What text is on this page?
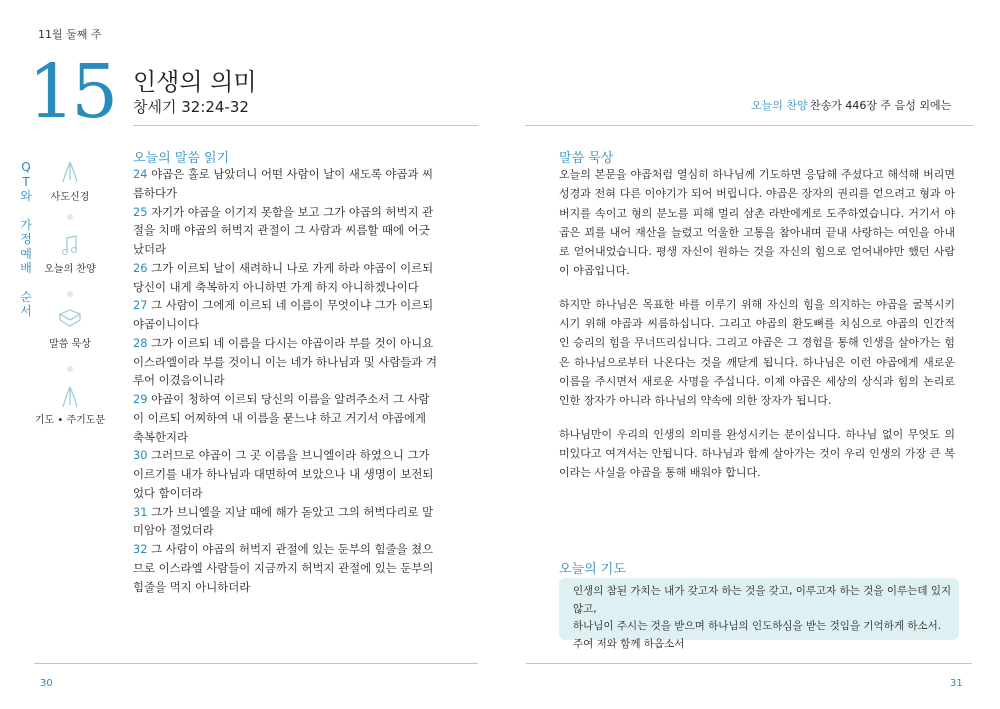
11월 둘째 주
15 인생의 의미
창세기 32:24-32	오늘의 찬양 찬송가 446장 주 음성 외에는
Q
T
와
가
정
예
배
순
서
사도신경
오늘의 찬양
말씀 묵상
기도 • 주기도문
오늘의 말씀 읽기
24 야곱은 홀로 남았더니 어떤 사람이 날이 새도록 야곱과 씨름하다가
25 자기가 야곱을 이기지 못함을 보고 그가 야곱의 허벅지 관절을 치매 야곱의 허벅지 관절이 그 사람과 씨름할 때에 어긋났더라
26 그가 이르되 날이 새려하니 나로 가게 하라 야곱이 이르되 당신이 내게 축복하지 아니하면 가게 하지 아니하겠나이다
27 그 사람이 그에게 이르되 네 이름이 무엇이냐 그가 이르되 야곱이니이다
28 그가 이르되 네 이름을 다시는 야곱이라 부를 것이 아니요 이스라엘이라 부를 것이니 이는 네가 하나님과 및 사람들과 겨루어 이겼음이니라
29 야곱이 청하여 이르되 당신의 이름을 알려주소서 그 사람이 이르되 어찌하여 내 이름을 묻느냐 하고 거기서 야곱에게 축복한지라
30 그러므로 야곱이 그 곳 이름을 브니엘이라 하였으니 그가 이르기를 내가 하나님과 대면하여 보았으나 내 생명이 보전되었다 함이더라
31 그가 브니엘을 지날 때에 해가 돋았고 그의 허벅다리로 말미암아 절었더라
32 그 사람이 야곱의 허벅지 관절에 있는 둔부의 힘줄을 쳤으므로 이스라엘 사람들이 지금까지 허벅지 관절에 있는 둔부의 힘줄을 먹지 아니하더라
말씀 묵상

오늘의 본문을 야곱처럼 열심히 하나님께 기도하면 응답해 주셨다고 해석해 버리면 성경과 전혀 다른 이야기가 되어 버립니다. 야곱은 장자의 권리를 얻으려고 형과 아버지를 속이고 형의 분노를 피해 멀리 삼촌 라반에게로 도주하였습니다. 거기서 야곱은 꾀를 내어 재산을 늘렸고 억울한 고통을 참아내며 끝내 사랑하는 여인을 아내로 얻어내었습니다. 평생 자신이 원하는 것을 자신의 힘으로 얻어내야만 했던 사람이 야곱입니다.

하지만 하나님은 목표한 바를 이루기 위해 자신의 힘을 의지하는 야곱을 굴복시키시기 위해 야곱과 씨름하십니다. 그리고 야곱의 환도뼈를 치심으로 야곱의 인간적인 승리의 힘을 무너뜨리십니다. 그리고 야곱은 그 경험을 통해 인생을 살아가는 힘은 하나님으로부터 나온다는 것을 깨닫게 됩니다. 하나님은 이런 야곱에게 새로운 이름을 주시면서 새로운 사명을 주십니다. 이제 야곱은 세상의 상식과 힘의 논리로 인한 장자가 아니라 하나님의 약속에 의한 장자가 됩니다.

하나님만이 우리의 인생의 의미를 완성시키는 분이십니다. 하나님 없이 무엇도 의미있다고 여겨서는 안됩니다. 하나님과 함께 살아가는 것이 우리 인생의 가장 큰 복이라는 사실을 야곱을 통해 배워야 합니다.

오늘의 기도
인생의 참된 가치는 내가 갖고자 하는 것을 갖고, 이루고자 하는 것을 이루는데 있지 않고,
하나님이 주시는 것을 받으며 하나님의 인도하심을 받는 것임을 기억하게 하소서.
주여 저와 함께 하옵소서
30	31
